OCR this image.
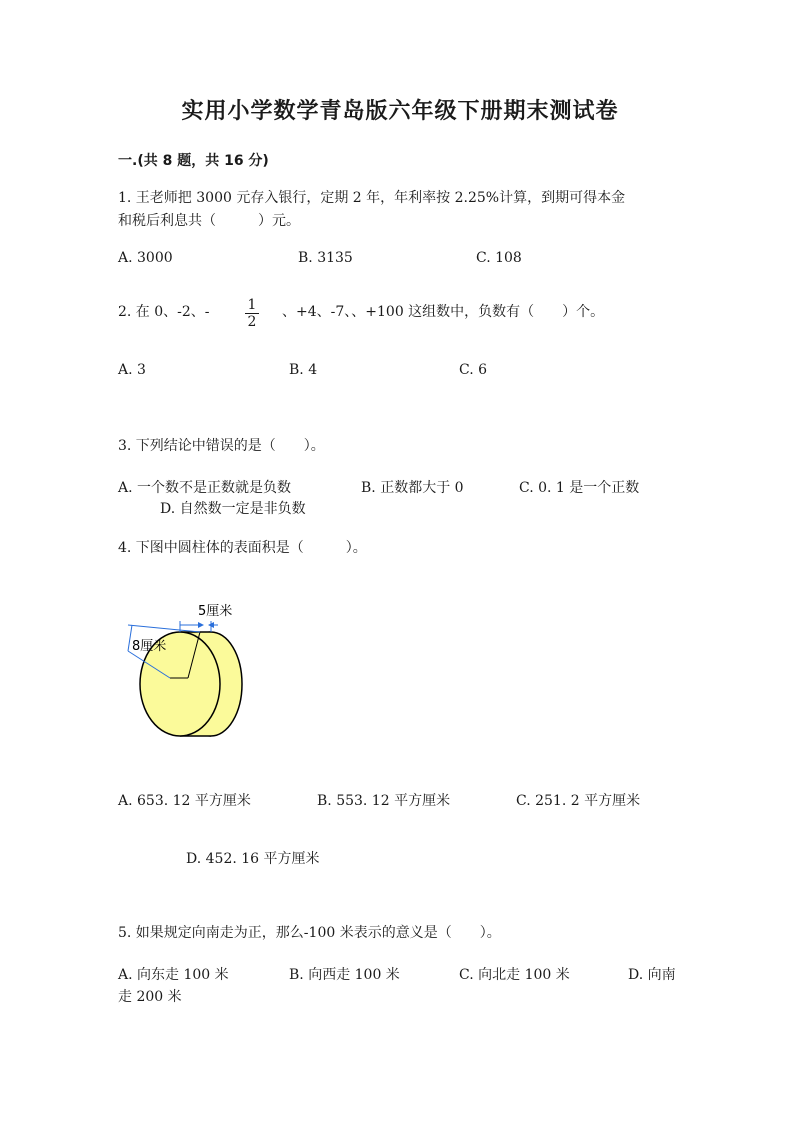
实用小学数学青岛版六年级下册期末测试卷
一.(共 8 题，共 16 分)
1. 王老师把 3000 元存入银行，定期 2 年，年利率按 2.25%计算，到期可得本金
和税后利息共（　　　）元。
A. 3000	B. 3135	C. 108
2. 在 0、-2、-	1
2
、+4、-7、、+100 这组数中，负数有（　　）个。
A. 3	B. 4	C. 6
3. 下列结论中错误的是（　　）。
A. 一个数不是正数就是负数	B. 正数都大于 0	C. 0. 1 是一个正数
D. 自然数一定是非负数
4. 下图中圆柱体的表面积是（　　　）。
5厘米
8厘米
A. 653. 12 平方厘米	B. 553. 12 平方厘米	C. 251. 2 平方厘米
D. 452. 16 平方厘米
5. 如果规定向南走为正，那么-100 米表示的意义是（　　）。
A. 向东走 100 米	B. 向西走 100 米	C. 向北走 100 米	D. 向南
走 200 米
